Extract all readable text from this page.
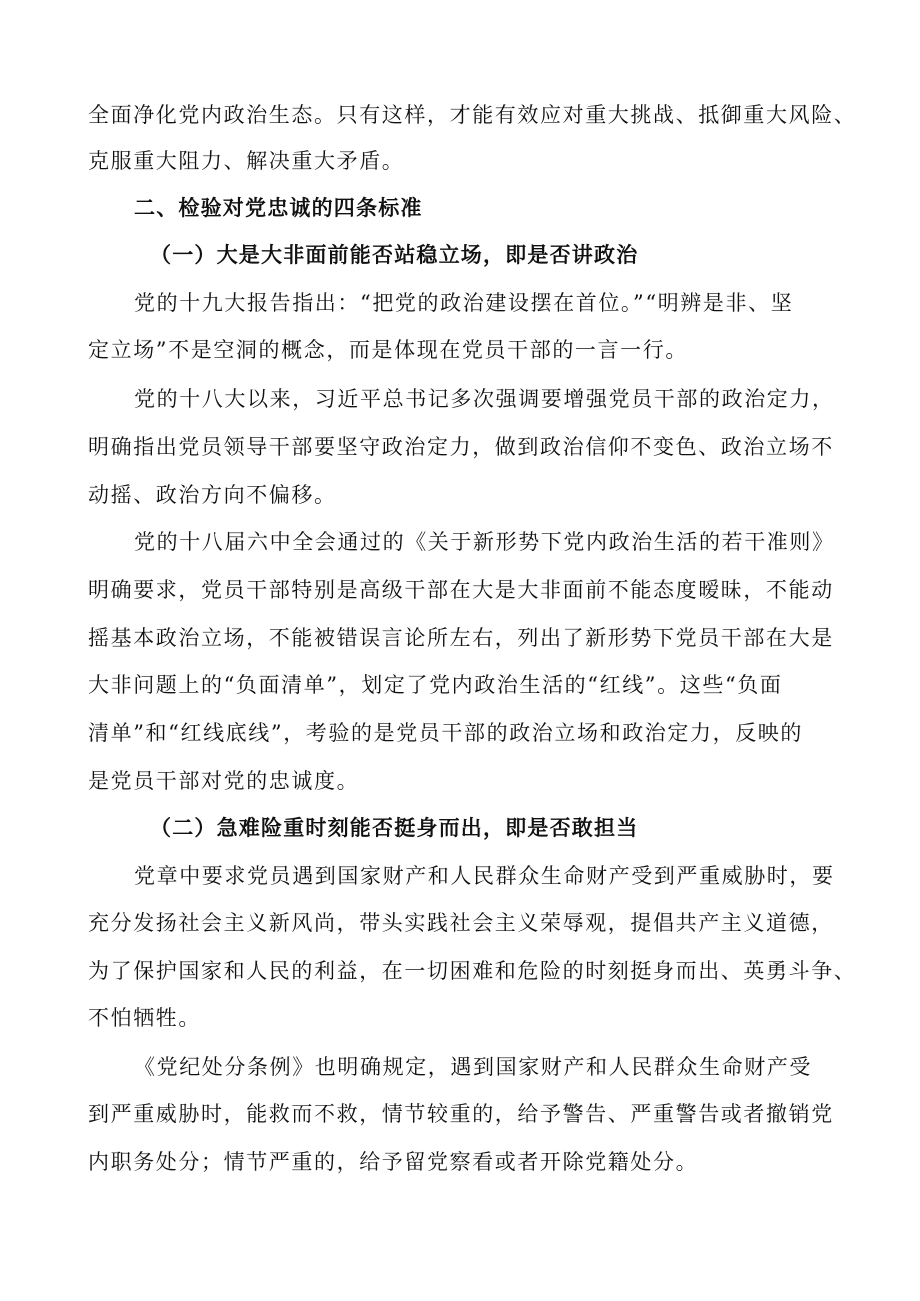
全面净化党内政治生态。只有这样，才能有效应对重大挑战、抵御重大风险、
克服重大阻力、解决重大矛盾。
二、检验对党忠诚的四条标准
（一）大是大非面前能否站稳立场，即是否讲政治
党的十九大报告指出：“把党的政治建设摆在首位。”“明辨是非、坚
定立场”不是空洞的概念，而是体现在党员干部的一言一行。
党的十八大以来，习近平总书记多次强调要增强党员干部的政治定力，
明确指出党员领导干部要坚守政治定力，做到政治信仰不变色、政治立场不
动摇、政治方向不偏移。
党的十八届六中全会通过的《关于新形势下党内政治生活的若干准则》
明确要求，党员干部特别是高级干部在大是大非面前不能态度暧昧，不能动
摇基本政治立场，不能被错误言论所左右，列出了新形势下党员干部在大是
大非问题上的“负面清单”，划定了党内政治生活的“红线”。这些“负面
清单”和“红线底线”，考验的是党员干部的政治立场和政治定力，反映的
是党员干部对党的忠诚度。
（二）急难险重时刻能否挺身而出，即是否敢担当
党章中要求党员遇到国家财产和人民群众生命财产受到严重威胁时，要
充分发扬社会主义新风尚，带头实践社会主义荣辱观，提倡共产主义道德，
为了保护国家和人民的利益，在一切困难和危险的时刻挺身而出、英勇斗争、
不怕牺牲。
《党纪处分条例》也明确规定，遇到国家财产和人民群众生命财产受
到严重威胁时，能救而不救，情节较重的，给予警告、严重警告或者撤销党
内职务处分；情节严重的，给予留党察看或者开除党籍处分。
